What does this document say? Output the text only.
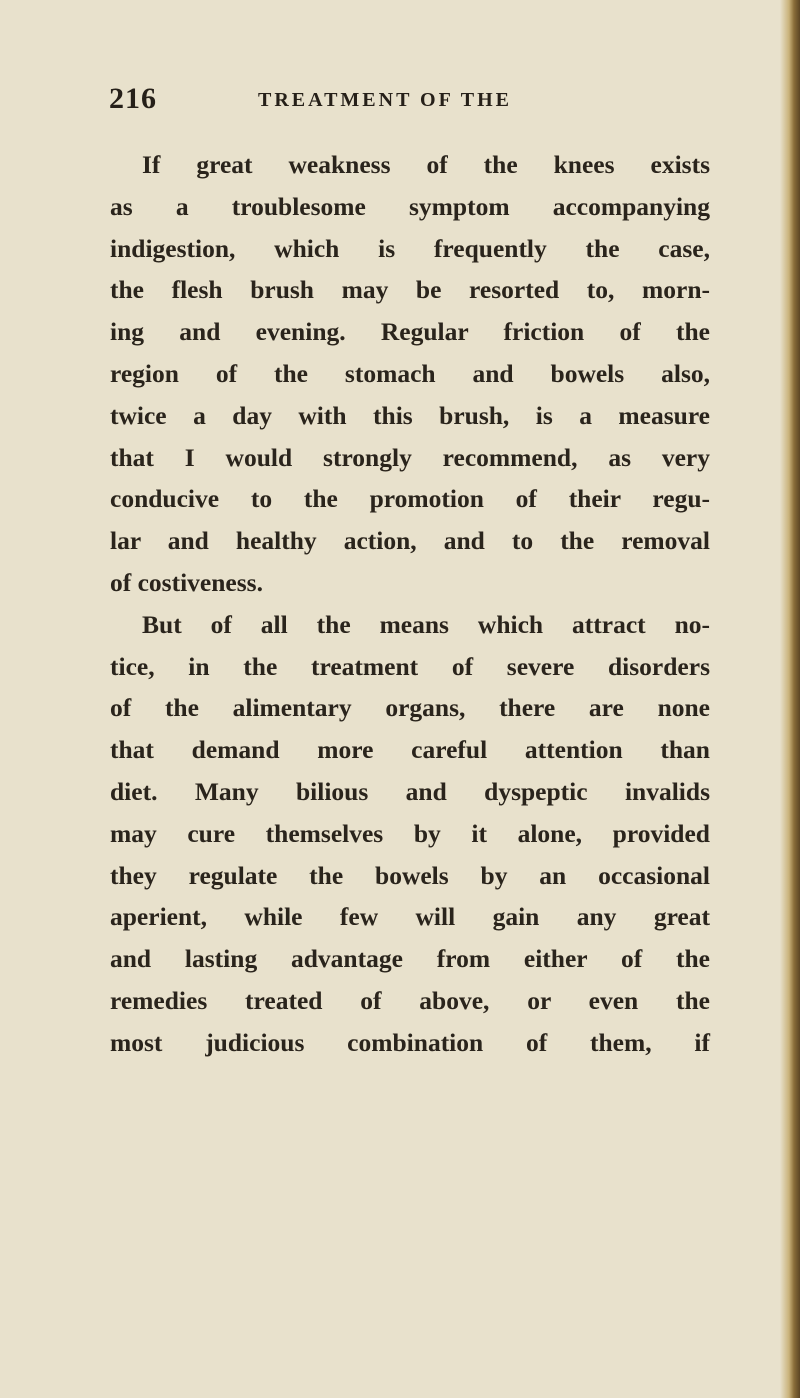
216	TREATMENT OF THE
If great weakness of the knees exists
as a troublesome symptom accompanying
indigestion, which is frequently the case,
the flesh brush may be resorted to, morn-
ing and evening. Regular friction of the
region of the stomach and bowels also,
twice a day with this brush, is a measure
that I would strongly recommend, as very
conducive to the promotion of their regu-
lar and healthy action, and to the removal
of costiveness.
But of all the means which attract no-
tice, in the treatment of severe disorders
of the alimentary organs, there are none
that demand more careful attention than
diet. Many bilious and dyspeptic invalids
may cure themselves by it alone, provided
they regulate the bowels by an occasional
aperient, while few will gain any great
and lasting advantage from either of the
remedies treated of above, or even the
most judicious combination of them, if
